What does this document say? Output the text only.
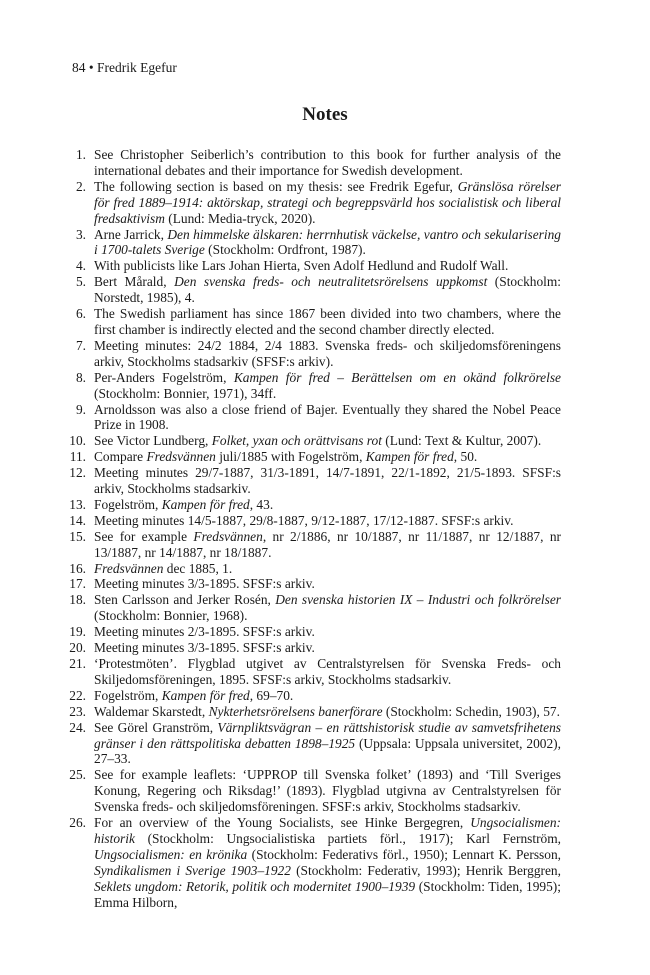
84 • Fredrik Egefur
Notes
1. See Christopher Seiberlich’s contribution to this book for further analysis of the international debates and their importance for Swedish development.
2. The following section is based on my thesis: see Fredrik Egefur, Gränslösa rörelser för fred 1889–1914: aktörskap, strategi och begreppsvärld hos socialistisk och liberal fredsaktivism (Lund: Media-tryck, 2020).
3. Arne Jarrick, Den himmelske älskaren: herrnhutisk väckelse, vantro och sekularisering i 1700-talets Sverige (Stockholm: Ordfront, 1987).
4. With publicists like Lars Johan Hierta, Sven Adolf Hedlund and Rudolf Wall.
5. Bert Mårald, Den svenska freds- och neutralitetsrörelsens uppkomst (Stockholm: Norstedt, 1985), 4.
6. The Swedish parliament has since 1867 been divided into two chambers, where the first chamber is indirectly elected and the second chamber directly elected.
7. Meeting minutes: 24/2 1884, 2/4 1883. Svenska freds- och skiljedomsföreningens arkiv, Stockholms stadsarkiv (SFSF:s arkiv).
8. Per-Anders Fogelström, Kampen för fred – Berättelsen om en okänd folkrörelse (Stockholm: Bonnier, 1971), 34ff.
9. Arnoldsson was also a close friend of Bajer. Eventually they shared the Nobel Peace Prize in 1908.
10. See Victor Lundberg, Folket, yxan och orättvisans rot (Lund: Text & Kultur, 2007).
11. Compare Fredsvännen juli/1885 with Fogelström, Kampen för fred, 50.
12. Meeting minutes 29/7-1887, 31/3-1891, 14/7-1891, 22/1-1892, 21/5-1893. SFSF:s arkiv, Stockholms stadsarkiv.
13. Fogelström, Kampen för fred, 43.
14. Meeting minutes 14/5-1887, 29/8-1887, 9/12-1887, 17/12-1887. SFSF:s arkiv.
15. See for example Fredsvännen, nr 2/1886, nr 10/1887, nr 11/1887, nr 12/1887, nr 13/1887, nr 14/1887, nr 18/1887.
16. Fredsvännen dec 1885, 1.
17. Meeting minutes 3/3-1895. SFSF:s arkiv.
18. Sten Carlsson and Jerker Rosén, Den svenska historien IX – Industri och folkrörelser (Stockholm: Bonnier, 1968).
19. Meeting minutes 2/3-1895. SFSF:s arkiv.
20. Meeting minutes 3/3-1895. SFSF:s arkiv.
21. ‘Protestmöten’. Flygblad utgivet av Centralstyrelsen för Svenska Freds- och Skiljedomsföreningen, 1895. SFSF:s arkiv, Stockholms stadsarkiv.
22. Fogelström, Kampen för fred, 69–70.
23. Waldemar Skarstedt, Nykterhetsrörelsens banerförare (Stockholm: Schedin, 1903), 57.
24. See Görel Granström, Värnpliktsvägran – en rättshistorisk studie av samvetsfrihetens gränser i den rättspolitiska debatten 1898–1925 (Uppsala: Uppsala universitet, 2002), 27–33.
25. See for example leaflets: ‘UPPROP till Svenska folket’ (1893) and ‘Till Sveriges Konung, Regering och Riksdag!’ (1893). Flygblad utgivna av Centralstyrelsen för Svenska freds- och skiljedomsföreningen. SFSF:s arkiv, Stockholms stadsarkiv.
26. For an overview of the Young Socialists, see Hinke Bergegren, Ungsocialismen: historik (Stockholm: Ungsocialistiska partiets förl., 1917); Karl Fernström, Ungsocialismen: en krönika (Stockholm: Federativs förl., 1950); Lennart K. Persson, Syndikalismen i Sverige 1903–1922 (Stockholm: Federativ, 1993); Henrik Berggren, Seklets ungdom: Retorik, politik och modernitet 1900–1939 (Stockholm: Tiden, 1995); Emma Hilborn,
